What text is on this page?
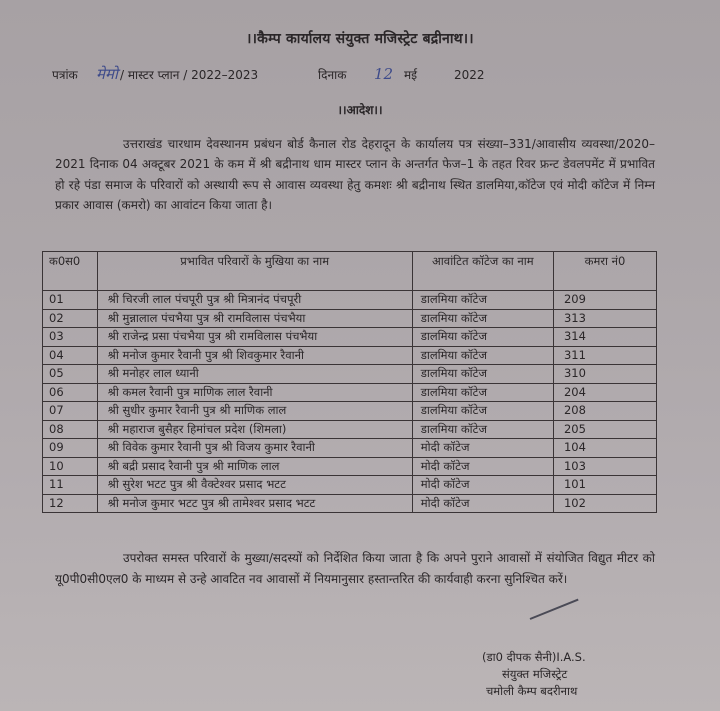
।।कैम्प कार्यालय संयुक्त मजिस्ट्रेट बद्रीनाथ।।
पत्रांक मेमो / मास्टर प्लान / 2022–2023	दिनाक 12 मई	2022
।।आदेश।।
उत्तराखंड चारधाम देवस्थानम प्रबंधन बोर्ड कैनाल रोड देहरादून के कार्यालय पत्र संख्या–331/आवासीय व्यवस्था/2020–2021 दिनाक 04 अक्टूबर 2021 के कम में श्री बद्रीनाथ धाम मास्टर प्लान के अन्तर्गत फेज–1 के तहत रिवर फ्रन्ट डेवलपमेंट में प्रभावित हो रहे पंडा समाज के परिवारों को अस्थायी रूप से आवास व्यवस्था हेतु कमशः श्री बद्रीनाथ स्थित डालमिया,कॉटेज एवं मोदी कॉटेज में निम्न प्रकार आवास (कमरो) का आवांटन किया जाता है।
क0स0	प्रभावित परिवारों के मुखिया का नाम	आवांटित कॉटेज का नाम	कमरा नं0
01	श्री चिरजी लाल पंचपूरी पुत्र श्री मित्रानंद पंचपूरी	डालमिया कॉटेज	209
02	श्री मुन्नालाल पंचभैया पुत्र श्री रामविलास पंचभैया	डालमिया कॉटेज	313
03	श्री राजेन्द्र प्रसा पंचभैया पुत्र श्री रामविलास पंचभैया	डालमिया कॉटेज	314
04	श्री मनोज कुमार रैवानी पुत्र श्री शिवकुमार रैवानी	डालमिया कॉटेज	311
05	श्री मनोहर लाल ध्यानी	डालमिया कॉटेज	310
06	श्री कमल रैवानी पुत्र माणिक लाल रैवानी	डालमिया कॉटेज	204
07	श्री सुधीर कुमार रैवानी पुत्र श्री माणिक लाल	डालमिया कॉटेज	208
08	श्री महाराज बुसैहर हिमांचल प्रदेश (शिमला)	डालमिया कॉटेज	205
09	श्री विवेक कुमार रैवानी पुत्र श्री विजय कुमार रैवानी	मोदी कॉटेज	104
10	श्री बद्री प्रसाद रैवानी पुत्र श्री माणिक लाल	मोदी कॉटेज	103
11	श्री सुरेश भटट पुत्र श्री वैक्टेश्वर प्रसाद भटट	मोदी कॉटेज	101
12	श्री मनोज कुमार भटट पुत्र श्री तामेश्वर प्रसाद भटट	मोदी कॉटेज	102
उपरोक्त समस्त परिवारों के मुख्या/सदस्यों को निर्देशित किया जाता है कि अपने पुराने आवासों में संयोजित विद्युत मीटर को यू0पी0सी0एल0 के माध्यम से उन्हे आवटित नव आवासों में नियमानुसार हस्तान्तरित की कार्यवाही करना सुनिश्चित करें।
(डा0 दीपक सैनी)I.A.S.
संयुक्त मजिस्ट्रेट
चमोली कैम्प बदरीनाथ
